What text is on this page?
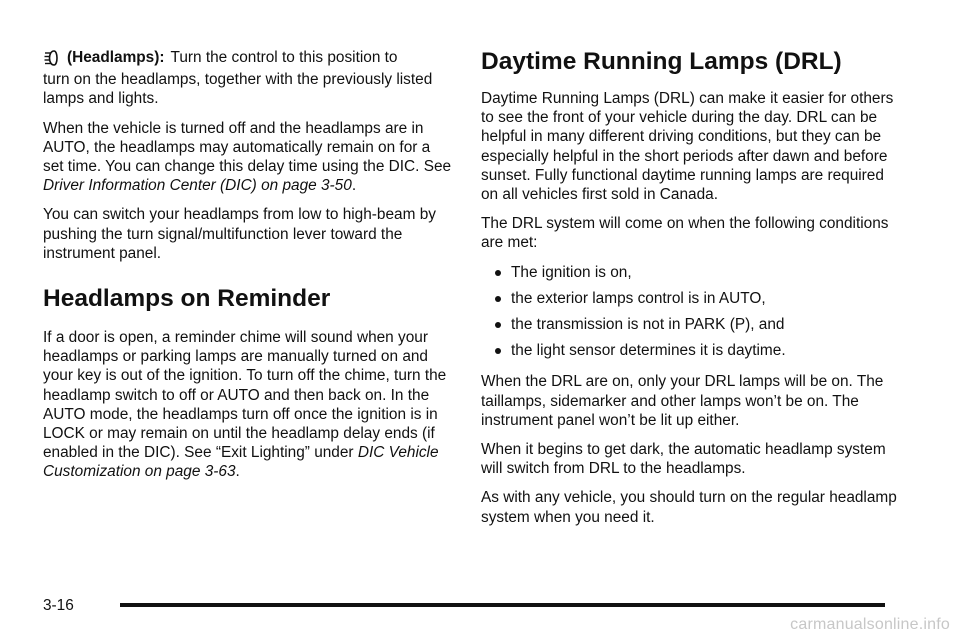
(Headlamps): Turn the control to this position to
turn on the headlamps, together with the previously listed lamps and lights.

When the vehicle is turned off and the headlamps are in AUTO, the headlamps may automatically remain on for a set time. You can change this delay time using the DIC. See Driver Information Center (DIC) on page 3-50.

You can switch your headlamps from low to high-beam by pushing the turn signal/multifunction lever toward the instrument panel.

Headlamps on Reminder

If a door is open, a reminder chime will sound when your headlamps or parking lamps are manually turned on and your key is out of the ignition. To turn off the chime, turn the headlamp switch to off or AUTO and then back on. In the AUTO mode, the headlamps turn off once the ignition is in LOCK or may remain on until the headlamp delay ends (if enabled in the DIC). See “Exit Lighting” under DIC Vehicle Customization on page 3-63.

Daytime Running Lamps (DRL)

Daytime Running Lamps (DRL) can make it easier for others to see the front of your vehicle during the day. DRL can be helpful in many different driving conditions, but they can be especially helpful in the short periods after dawn and before sunset. Fully functional daytime running lamps are required on all vehicles first sold in Canada.

The DRL system will come on when the following conditions are met:

The ignition is on,
the exterior lamps control is in AUTO,
the transmission is not in PARK (P), and
the light sensor determines it is daytime.

When the DRL are on, only your DRL lamps will be on. The taillamps, sidemarker and other lamps won’t be on. The instrument panel won’t be lit up either.

When it begins to get dark, the automatic headlamp system will switch from DRL to the headlamps.

As with any vehicle, you should turn on the regular headlamp system when you need it.

3-16
carmanualsonline.info
